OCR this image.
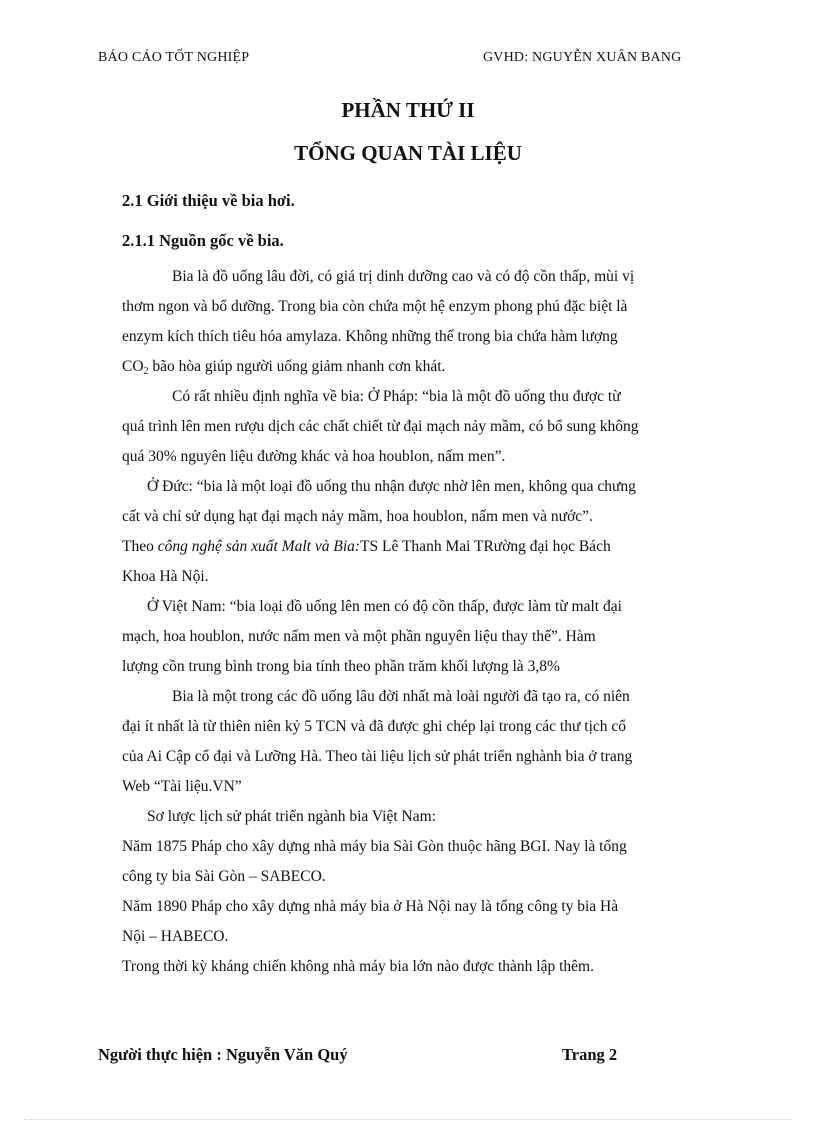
BÁO CÁO TỐT NGHIỆP	GVHD: NGUYỄN XUÂN BANG
PHẦN THỨ II
TỔNG QUAN TÀI LIỆU
2.1 Giới thiệu về bia hơi.
2.1.1 Nguồn gốc về bia.
Bia là đồ uống lâu đời, có giá trị dinh dưỡng cao và có độ cồn thấp, mùi vị
thơm ngon và bổ dưỡng. Trong bia còn chứa một hệ enzym phong phú đặc biệt là
enzym kích thích tiêu hóa amylaza. Không những thế trong bia chứa hàm lượng
$CO_2$ bão hòa giúp người uống giảm nhanh cơn khát.
Có rất nhiều định nghĩa về bia: Ở Pháp: “bia là một đồ uống thu được từ
quá trình lên men rượu dịch các chất chiết từ đại mạch nảy mầm, có bổ sung không
quá 30% nguyên liệu đường khác và hoa houblon, nấm men”.
Ở Đức: “bia là một loại đồ uống thu nhận được nhờ lên men, không qua chưng
cất và chỉ sử dụng hạt đại mạch nảy mầm, hoa houblon, nấm men và nước”.
Theo công nghệ sản xuất Malt và Bia:TS Lê Thanh Mai TRường đại học Bách
Khoa Hà Nội.
Ở Việt Nam: “bia loại đồ uống lên men có độ cồn thấp, được làm từ malt đại
mạch, hoa houblon, nước nấm men và một phần nguyên liệu thay thế”. Hàm
lượng cồn trung bình trong bia tính theo phần trăm khối lượng là 3,8%
Bia là một trong các đồ uống lâu đời nhất mà loài người đã tạo ra, có niên
đại ít nhất là từ thiên niên kỷ 5 TCN và đã được ghi chép lại trong các thư tịch cổ
của Ai Cập cổ đại và Lưỡng Hà. Theo tài liệu lịch sử phát triển nghành bia ở trang
Web “Tài liệu.VN”
Sơ lược lịch sử phát triển ngành bia Việt Nam:
Năm 1875 Pháp cho xây dựng nhà máy bia Sài Gòn thuộc hãng BGI. Nay là tổng
công ty bia Sài Gòn – SABECO.
Năm 1890 Pháp cho xây dựng nhà máy bia ở Hà Nội nay là tổng công ty bia Hà
Nội – HABECO.
Trong thời kỳ kháng chiến không nhà máy bia lớn nào được thành lập thêm.
Người thực hiện : Nguyễn Văn Quý	Trang 2
